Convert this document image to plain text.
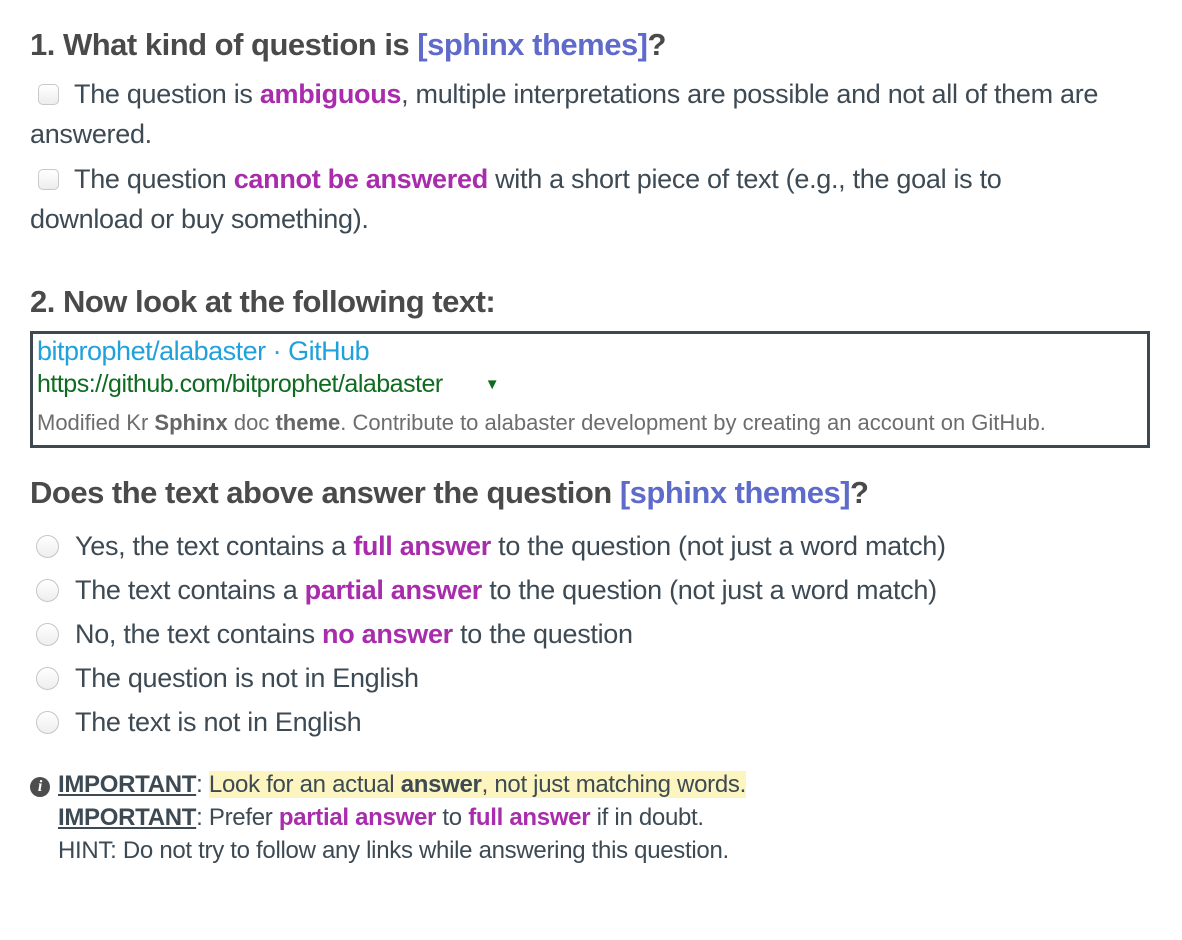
1. What kind of question is [sphinx themes]?

The question is ambiguous, multiple interpretations are possible and not all of them are answered.

The question cannot be answered with a short piece of text (e.g., the goal is to download or buy something).

2. Now look at the following text:
bitprophet/alabaster · GitHub
https://github.com/bitprophet/alabaster	▼
Modified Kr Sphinx doc theme. Contribute to alabaster development by creating an account on GitHub.
Does the text above answer the question [sphinx themes]?

Yes, the text contains a full answer to the question (not just a word match)

The text contains a partial answer to the question (not just a word match)

No, the text contains no answer to the question

The question is not in English

The text is not in English

i IMPORTANT: Look for an actual answer, not just matching words.
IMPORTANT: Prefer partial answer to full answer if in doubt.
HINT: Do not try to follow any links while answering this question.
